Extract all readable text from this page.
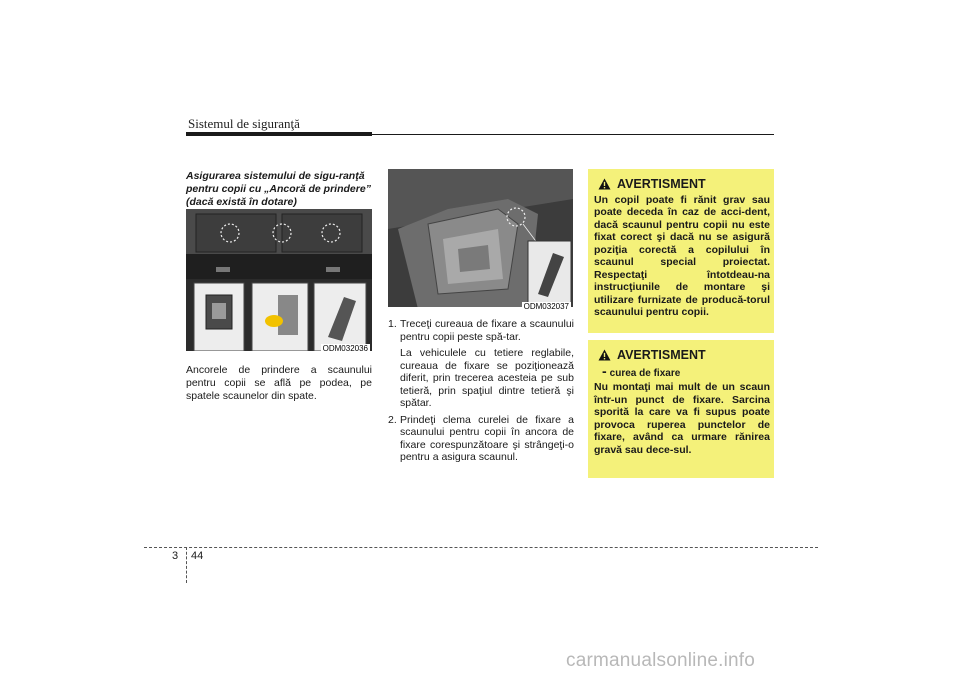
Sistemul de siguranţă
Asigurarea sistemului de sigu-ranţă pentru copii cu „Ancoră de prindere” (dacă există în dotare)
ODM032036
Ancorele de prindere a scaunului pentru copii se află pe podea, pe spatele scaunelor din spate.
ODM032037
1. Treceţi cureaua de fixare a scaunului pentru copii peste spă-tar.
La vehiculele cu tetiere reglabile, cureaua de fixare se poziţionează diferit, prin trecerea acesteia pe sub tetieră, prin spaţiul dintre tetieră şi spătar.
2. Prindeţi clema curelei de fixare a scaunului pentru copii în ancora de fixare corespunzătoare şi strângeţi-o pentru a asigura scaunul.
AVERTISMENT
Un copil poate fi rănit grav sau poate deceda în caz de acci-dent, dacă scaunul pentru copii nu este fixat corect şi dacă nu se asigură poziţia corectă a copilului în scaunul special proiectat. Respectaţi întotdeau-na instrucţiunile de montare şi utilizare furnizate de producă-torul scaunului pentru copii.
AVERTISMENT
- curea de fixare
Nu montaţi mai mult de un scaun într-un punct de fixare. Sarcina sporită la care va fi supus poate provoca ruperea punctelor de fixare, având ca urmare rănirea gravă sau dece-sul.
3 44
carmanualsonline.info
